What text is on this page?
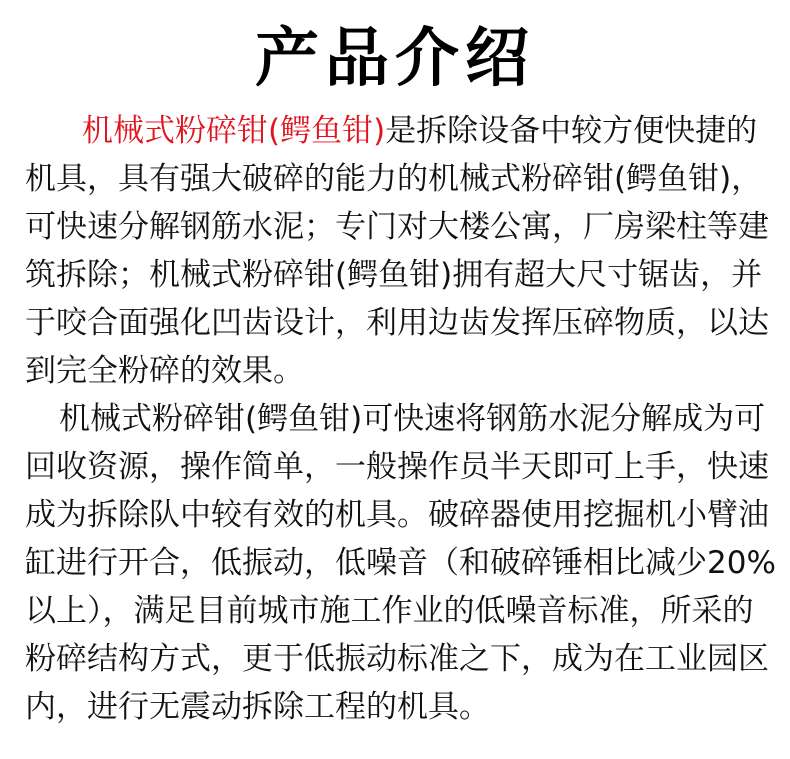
产品介绍
机械式粉碎钳(鳄鱼钳)是拆除设备中较方便快捷的
机具，具有强大破碎的能力的机械式粉碎钳(鳄鱼钳)，
可快速分解钢筋水泥；专门对大楼公寓，厂房梁柱等建
筑拆除；机械式粉碎钳(鳄鱼钳)拥有超大尺寸锯齿，并
于咬合面强化凹齿设计，利用边齿发挥压碎物质，以达
到完全粉碎的效果。
机械式粉碎钳(鳄鱼钳)可快速将钢筋水泥分解成为可
回收资源，操作简单，一般操作员半天即可上手，快速
成为拆除队中较有效的机具。破碎器使用挖掘机小臂油
缸进行开合，低振动，低噪音（和破碎锤相比减少20%
以上），满足目前城市施工作业的低噪音标准，所采的
粉碎结构方式，更于低振动标准之下，成为在工业园区
内，进行无震动拆除工程的机具。
